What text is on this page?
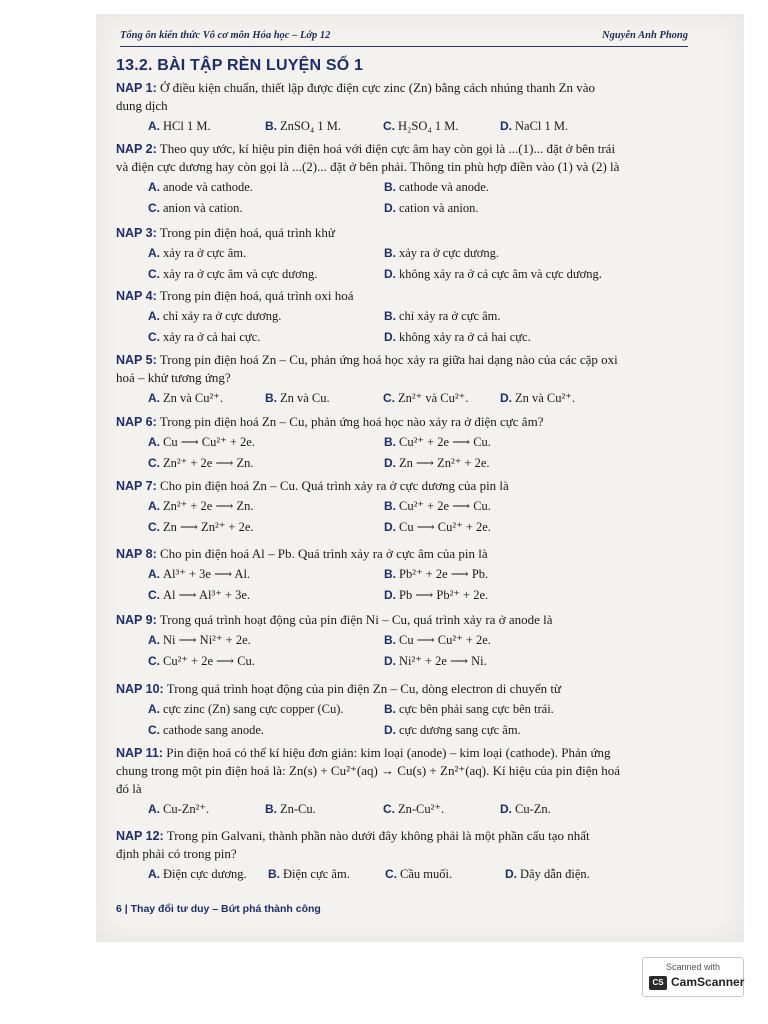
Tổng ôn kiến thức Vô cơ môn Hóa học – Lớp 12	Nguyễn Anh Phong
13.2. BÀI TẬP RÈN LUYỆN SỐ 1
NAP 1: Ở điều kiện chuẩn, thiết lập được điện cực zinc (Zn) bằng cách nhúng thanh Zn vào
dung dịch
A. HCl 1 M.	B. ZnSO₄ 1 M.	C. H₂SO₄ 1 M.	D. NaCl 1 M.
NAP 2: Theo quy ước, kí hiệu pin điện hoá với điện cực âm hay còn gọi là ...(1)... đặt ở bên trái
và điện cực dương hay còn gọi là ...(2)... đặt ở bên phải. Thông tin phù hợp điền vào (1) và (2) là
A. anode và cathode.	B. cathode và anode.
C. anion và cation.	D. cation và anion.
NAP 3: Trong pin điện hoá, quá trình khử
A. xảy ra ở cực âm.	B. xảy ra ở cực dương.
C. xảy ra ở cực âm và cực dương.	D. không xảy ra ở cả cực âm và cực dương.
NAP 4: Trong pin điện hoá, quá trình oxi hoá
A. chỉ xảy ra ở cực dương.	B. chỉ xảy ra ở cực âm.
C. xảy ra ở cả hai cực.	D. không xảy ra ở cả hai cực.
NAP 5: Trong pin điện hoá Zn – Cu, phản ứng hoá học xảy ra giữa hai dạng nào của các cặp oxi
hoá – khử tương ứng?
A. Zn và Cu²⁺.	B. Zn và Cu.	C. Zn²⁺ và Cu²⁺.	D. Zn và Cu²⁺.
NAP 6: Trong pin điện hoá Zn – Cu, phản ứng hoá học nào xảy ra ở điện cực âm?
A. Cu ⟶ Cu²⁺ + 2e.	B. Cu²⁺ + 2e ⟶ Cu.
C. Zn²⁺ + 2e ⟶ Zn.	D. Zn ⟶ Zn²⁺ + 2e.
NAP 7: Cho pin điện hoá Zn – Cu. Quá trình xảy ra ở cực dương của pin là
A. Zn²⁺ + 2e ⟶ Zn.	B. Cu²⁺ + 2e ⟶ Cu.
C. Zn ⟶ Zn²⁺ + 2e.	D. Cu ⟶ Cu²⁺ + 2e.
NAP 8: Cho pin điện hoá Al – Pb. Quá trình xảy ra ở cực âm của pin là
A. Al³⁺ + 3e ⟶ Al.	B. Pb²⁺ + 2e ⟶ Pb.
C. Al ⟶ Al³⁺ + 3e.	D. Pb ⟶ Pb²⁺ + 2e.
NAP 9: Trong quá trình hoạt động của pin điện Ni – Cu, quá trình xảy ra ở anode là
A. Ni ⟶ Ni²⁺ + 2e.	B. Cu ⟶ Cu²⁺ + 2e.
C. Cu²⁺ + 2e ⟶ Cu.	D. Ni²⁺ + 2e ⟶ Ni.
NAP 10: Trong quá trình hoạt động của pin điện Zn – Cu, dòng electron di chuyển từ
A. cực zinc (Zn) sang cực copper (Cu).	B. cực bên phải sang cực bên trái.
C. cathode sang anode.	D. cực dương sang cực âm.
NAP 11: Pin điện hoá có thể kí hiệu đơn giản: kim loại (anode) – kim loại (cathode). Phản ứng
chung trong một pin điện hoá là: Zn(s) + Cu²⁺(aq) → Cu(s) + Zn²⁺(aq). Kí hiệu của pin điện hoá
đó là
A. Cu-Zn²⁺.	B. Zn-Cu.	C. Zn-Cu²⁺.	D. Cu-Zn.
NAP 12: Trong pin Galvani, thành phần nào dưới đây không phải là một phần cấu tạo nhất
định phải có trong pin?
A. Điện cực dương. B. Điện cực âm.	C. Cầu muối.	D. Dây dẫn điện.
6 | Thay đổi tư duy – Bứt phá thành công
Scanned with
CS CamScanner
